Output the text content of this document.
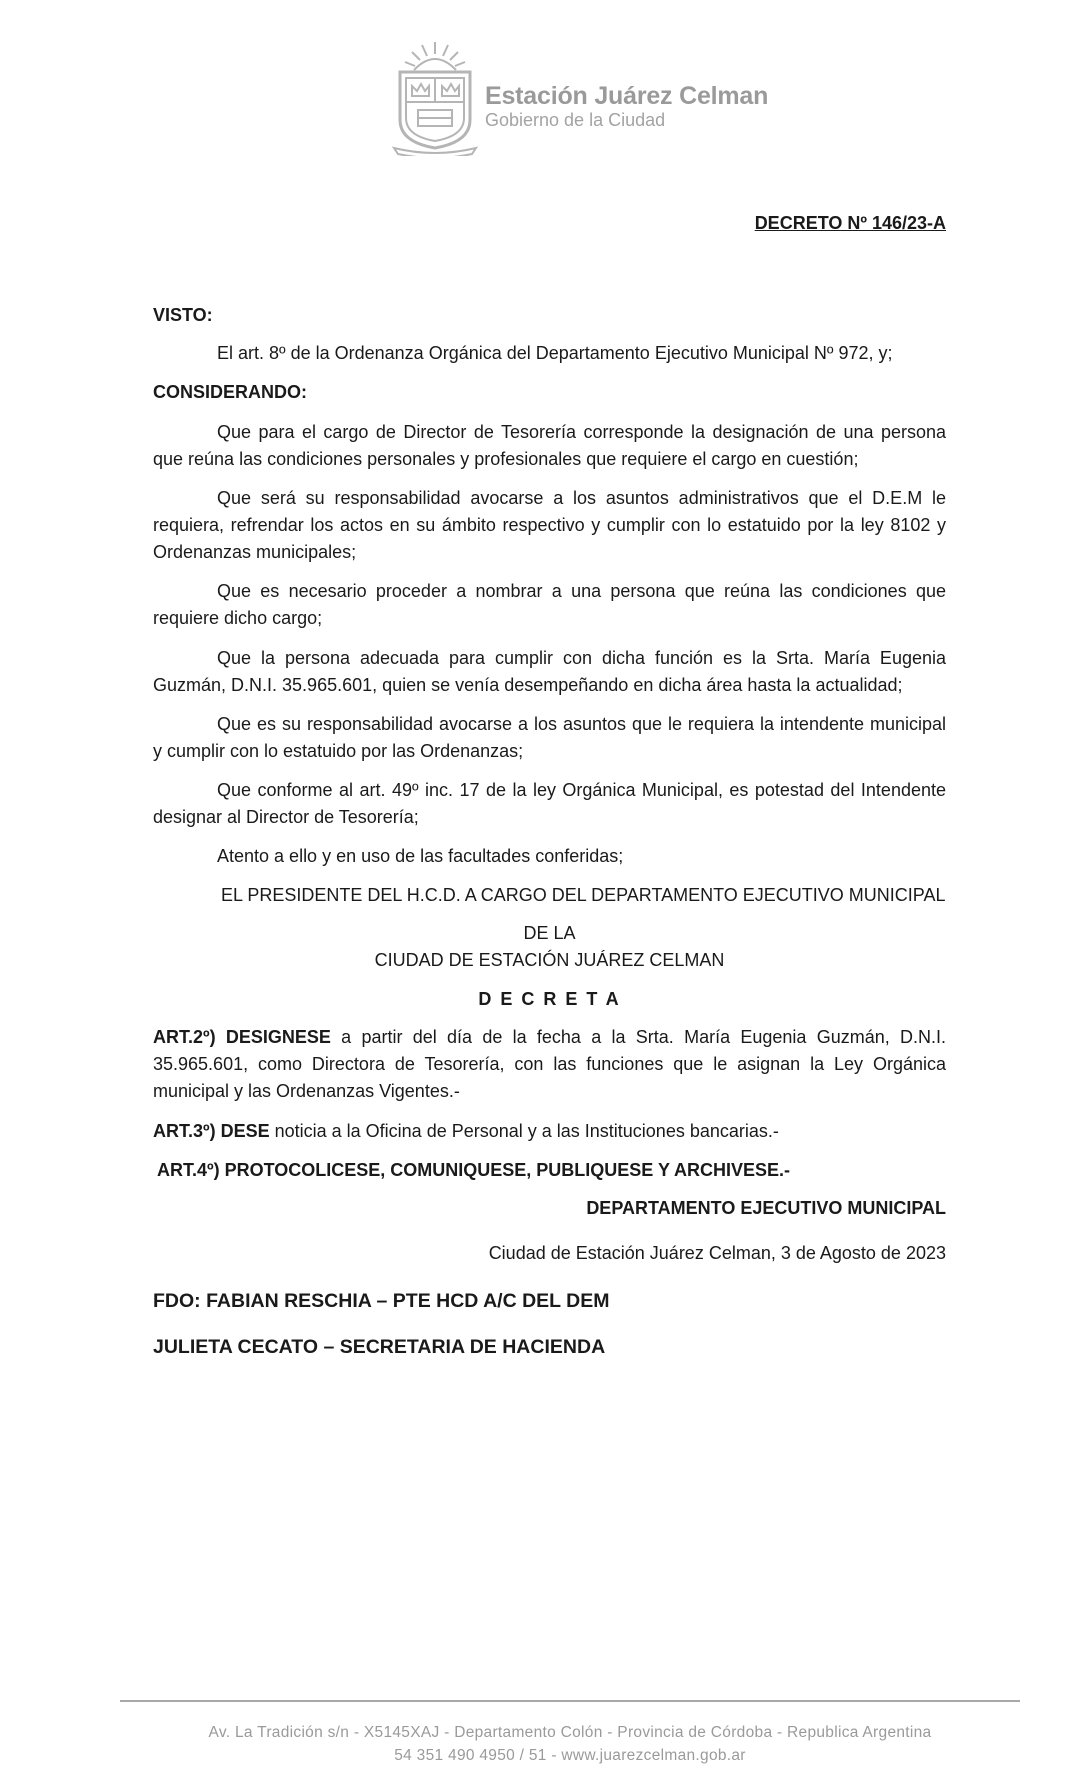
Estación Juárez Celman
Gobierno de la Ciudad
DECRETO Nº 146/23-A
VISTO:
El art. 8º de la Ordenanza Orgánica del Departamento Ejecutivo Municipal Nº 972, y;
CONSIDERANDO:
Que para el cargo de Director de Tesorería corresponde la designación de una persona que reúna las condiciones personales y profesionales que requiere el cargo en cuestión;
Que será su responsabilidad avocarse a los asuntos administrativos que el D.E.M le requiera, refrendar los actos en su ámbito respectivo y cumplir con lo estatuido por la ley 8102 y Ordenanzas municipales;
Que es necesario proceder a nombrar a una persona que reúna las condiciones que requiere dicho cargo;
Que la persona adecuada para cumplir con dicha función es la Srta. María Eugenia Guzmán, D.N.I. 35.965.601, quien se venía desempeñando en dicha área hasta la actualidad;
Que es su responsabilidad avocarse a los asuntos que le requiera la intendente municipal y cumplir con lo estatuido por las Ordenanzas;
Que conforme al art. 49º inc. 17 de la ley Orgánica Municipal, es potestad del Intendente designar al Director de Tesorería;
Atento a ello y en uso de las facultades conferidas;
EL PRESIDENTE DEL H.C.D. A CARGO DEL DEPARTAMENTO EJECUTIVO MUNICIPAL
DE LA
CIUDAD DE ESTACIÓN JUÁREZ CELMAN
D E C R E T A
ART.2º) DESIGNESE a partir del día de la fecha a la Srta. María Eugenia Guzmán, D.N.I. 35.965.601, como Directora de Tesorería, con las funciones que le asignan la Ley Orgánica municipal y las Ordenanzas Vigentes.-
ART.3º) DESE noticia a la Oficina de Personal y a las Instituciones bancarias.-
ART.4º) PROTOCOLICESE, COMUNIQUESE, PUBLIQUESE Y ARCHIVESE.-
DEPARTAMENTO EJECUTIVO MUNICIPAL
Ciudad de Estación Juárez Celman, 3 de Agosto de 2023
FDO: FABIAN RESCHIA – PTE HCD A/C DEL DEM
JULIETA CECATO – SECRETARIA DE HACIENDA
Av. La Tradición s/n - X5145XAJ - Departamento Colón - Provincia de Córdoba - Republica Argentina
54 351 490 4950 / 51 - www.juarezcelman.gob.ar
